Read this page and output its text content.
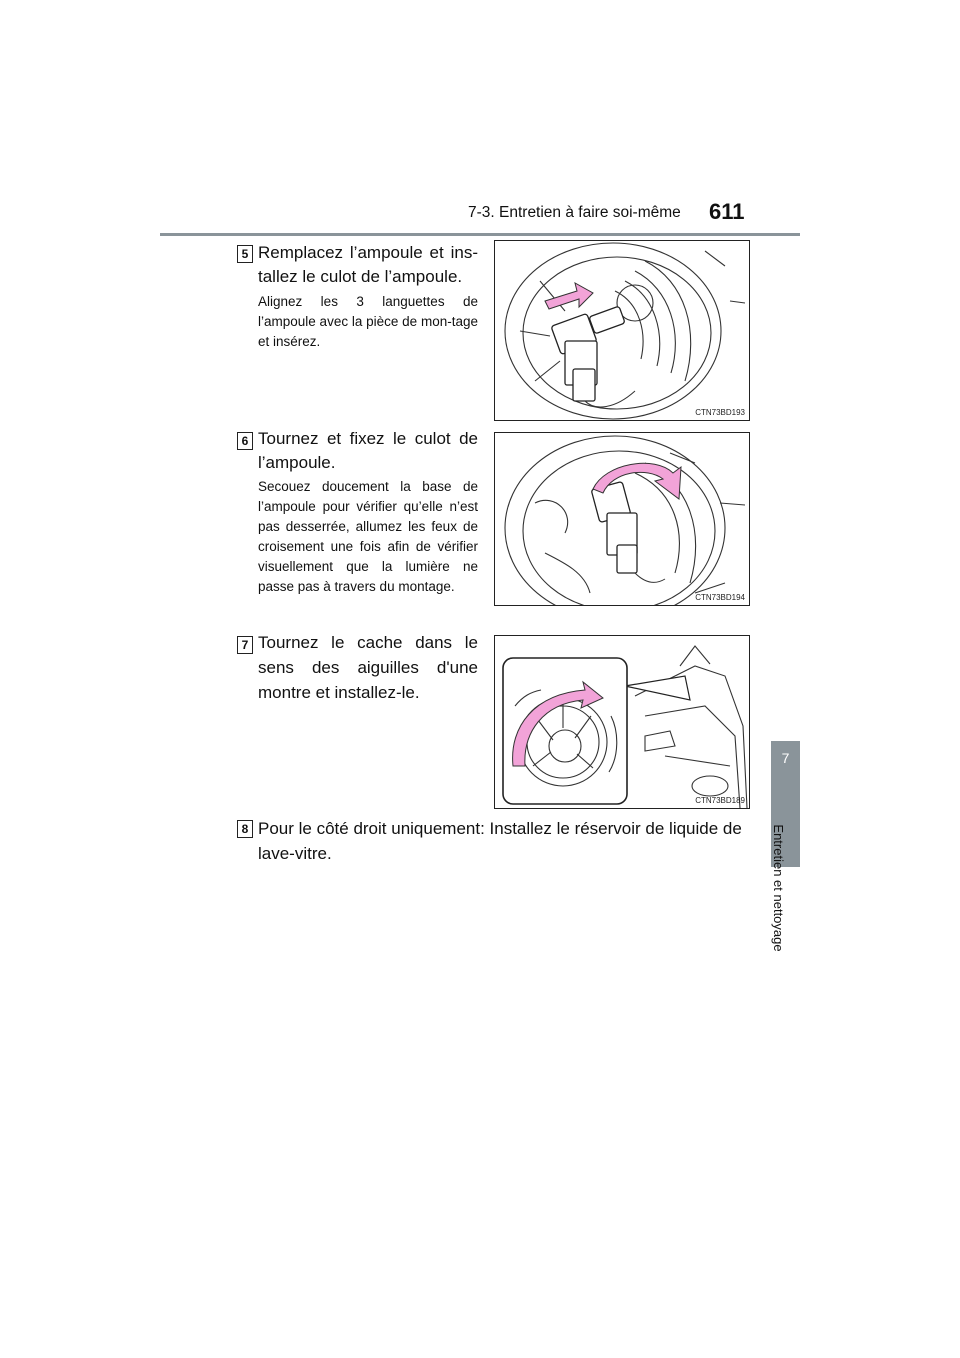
7-3. Entretien à faire soi-même 611
7
Entretien et nettoyage
5 Remplacez l’ampoule et ins-tallez le culot de l’ampoule.
Alignez les 3 languettes de l’ampoule avec la pièce de mon-tage et insérez.
CTN73BD193
6 Tournez et fixez le culot de l’ampoule.
Secouez doucement la base de l’ampoule pour vérifier qu’elle n’est pas desserrée, allumez les feux de croisement une fois afin de vérifier visuellement que la lumière ne passe pas à travers du montage.
CTN73BD194
7 Tournez le cache dans le sens des aiguilles d'une montre et installez-le.
CTN73BD189
8 Pour le côté droit uniquement: Installez le réservoir de liquide de lave-vitre.
